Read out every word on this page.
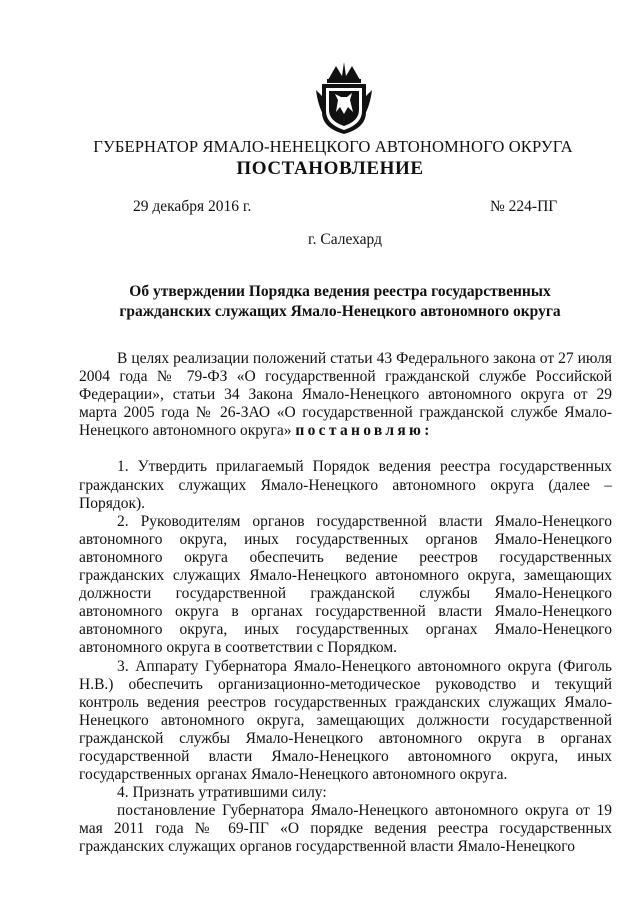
ГУБЕРНАТОР ЯМАЛО-НЕНЕЦКОГО АВТОНОМНОГО ОКРУГА
ПОСТАНОВЛЕНИЕ
29 декабря 2016 г.	№ 224-ПГ
г. Салехард
Об утверждении Порядка ведения реестра государственных
гражданских служащих Ямало-Ненецкого автономного округа

В целях реализации положений статьи 43 Федерального закона от 27 июля 2004 года № 79-ФЗ «О государственной гражданской службе Российской Федерации», статьи 34 Закона Ямало-Ненецкого автономного округа от 29 марта 2005 года № 26-ЗАО «О государственной гражданской службе Ямало-Ненецкого автономного округа» постановляю:

1. Утвердить прилагаемый Порядок ведения реестра государственных гражданских служащих Ямало-Ненецкого автономного округа (далее – Порядок).

2. Руководителям органов государственной власти Ямало-Ненецкого автономного округа, иных государственных органов Ямало-Ненецкого автономного округа обеспечить ведение реестров государственных гражданских служащих Ямало-Ненецкого автономного округа, замещающих должности государственной гражданской службы Ямало-Ненецкого автономного округа в органах государственной власти Ямало-Ненецкого автономного округа, иных государственных органах Ямало-Ненецкого автономного округа в соответствии с Порядком.

3. Аппарату Губернатора Ямало-Ненецкого автономного округа (Фиголь Н.В.) обеспечить организационно-методическое руководство и текущий контроль ведения реестров государственных гражданских служащих Ямало-Ненецкого автономного округа, замещающих должности государственной гражданской службы Ямало-Ненецкого автономного округа в органах государственной власти Ямало-Ненецкого автономного округа, иных государственных органах Ямало-Ненецкого автономного округа.

4. Признать утратившими силу:

постановление Губернатора Ямало-Ненецкого автономного округа от 19 мая 2011 года № 69-ПГ «О порядке ведения реестра государственных гражданских служащих органов государственной власти Ямало-Ненецкого
